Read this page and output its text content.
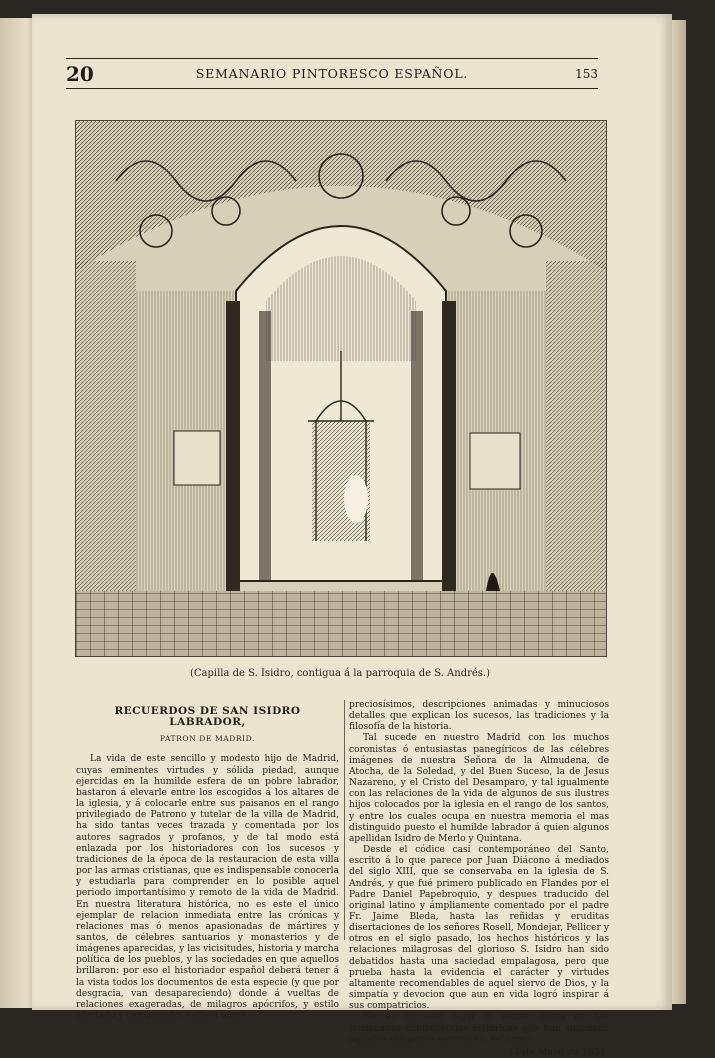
20	SEMANARIO PINTORESCO ESPAÑOL.	153
(Capilla de S. Isidro, contigua á la parroquia de S. Andrés.)
RECUERDOS DE SAN ISIDRO LABRADOR,
PATRON DE MADRID.

La vida de este sencillo y modesto hijo de Madrid, cuyas eminentes virtudes y sólida piedad, aunque ejercidas en la humilde esfera de un pobre labrador, bastaron á elevarle entre los escogidos á los altares de la iglesia, y á colocarle entre sus paisanos en el rango privilegiado de Patrono y tutelar de la villa de Madrid, ha sido tantas veces trazada y comentada por los autores sagrados y profanos, y de tal modo está enlazada por los historiadores con los sucesos y tradiciones de la época de la restauracion de esta villa por las armas cristianas, que es indispensable conocerla y estudiarla para comprender en lo posible aquel periodo importantísimo y remoto de la vida de Madrid. En nuestra literatura histórica, no es este el único ejemplar de relacion inmediata entre las crónicas y relaciones mas ó menos apasionadas de mártires y santos, de célebres santuarios y monasterios y de imágenes aparecidas, y las vicisitudes, historia y marcha política de los pueblos, y las sociedades en que aquellos brillaron: por eso el historiador español deberá tener á la vista todos los documentos de esta especie (y que por desgracia, van desapareciendo) donde á vueltas de relaciones exageradas, de milagros apócrifos, y estilo afectado y campanudo, hallará datos

preciosísimos, descripciones animadas y minuciosos detalles que explican los sucesos, las tradiciones y la filosofía de la historia.

Tal sucede en nuestro Madrid con los muchos coronistas ó entusiastas panegíricos de las célebres imágenes de nuestra Señora de la Almudena, de Atocha, de la Soledad, y del Buen Suceso, la de Jesus Nazareno, y el Cristo del Desamparo, y tal igualmente con las relaciones de la vida de algunos de sus ilustres hijos colocados por la iglesia en el rango de los santos, y entre los cuales ocupa en nuestra memoria el mas distinguido puesto el humilde labrador á quien algunos apellidan Isidro de Merlo y Quintana.

Desde el códice casi contemporáneo del Santo, escrito á lo que parece por Juan Diácono á mediados del siglo XIII, que se conservaba en la iglesia de S. Andrés, y que fué primero publicado en Flandes por el Padre Daniel Papebroquio, y despues traducido del original latino y ámpliamente comentado por el padre Fr. Jaime Bleda, hasta las reñidas y eruditas disertaciones de los señores Rosell, Mondejar, Pellicer y otros en el siglo pasado, los hechos históricos y las relaciones milagrosas del glorioso S. Isidro han sido debatidos hasta una saciedad empalagosa, pero que prueba hasta la evidencia el carácter y virtudes altamente recomendables de aquel siervo de Dios, y la simpatía y devocion que aun en vida logró inspirar á sus compatricios.

No es de este lugar el entrar ahora en tan intrincadas controversias históricas que han suscitado aquellos diligentes escritores, así como

12 de Mayo de 1851.
